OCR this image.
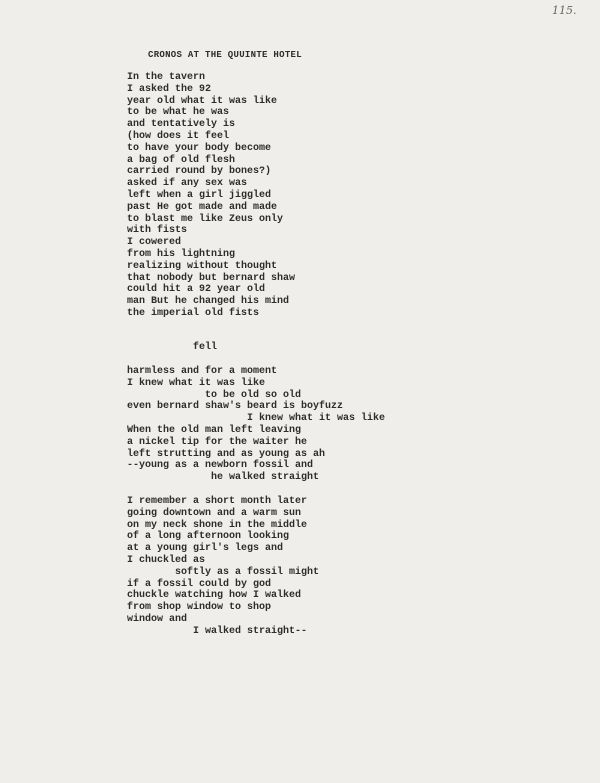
115.
CRONOS AT THE QUUINTE HOTEL
In the tavern
I asked the 92
year old what it was like
to be what he was
and tentatively is
(how does it feel
to have your body become
a bag of old flesh
carried round by bones?)
asked if any sex was
left when a girl jiggled
past He got made and made
to blast me like Zeus only
with fists
I cowered
from his lightning
realizing without thought
that nobody but bernard shaw
could hit a 92 year old
man But he changed his mind
the imperial old fists
fell
harmless and for a moment
I knew what it was like
to be old so old
even bernard shaw's beard is boyfuzz
I knew what it was like
When the old man left leaving
a nickel tip for the waiter he
left strutting and as young as ah
--young as a newborn fossil and
he walked straight
I remember a short month later
going downtown and a warm sun
on my neck shone in the middle
of a long afternoon looking
at a young girl's legs and
I chuckled as
softly as a fossil might
if a fossil could by god
chuckle watching how I walked
from shop window to shop
window and
I walked straight--
